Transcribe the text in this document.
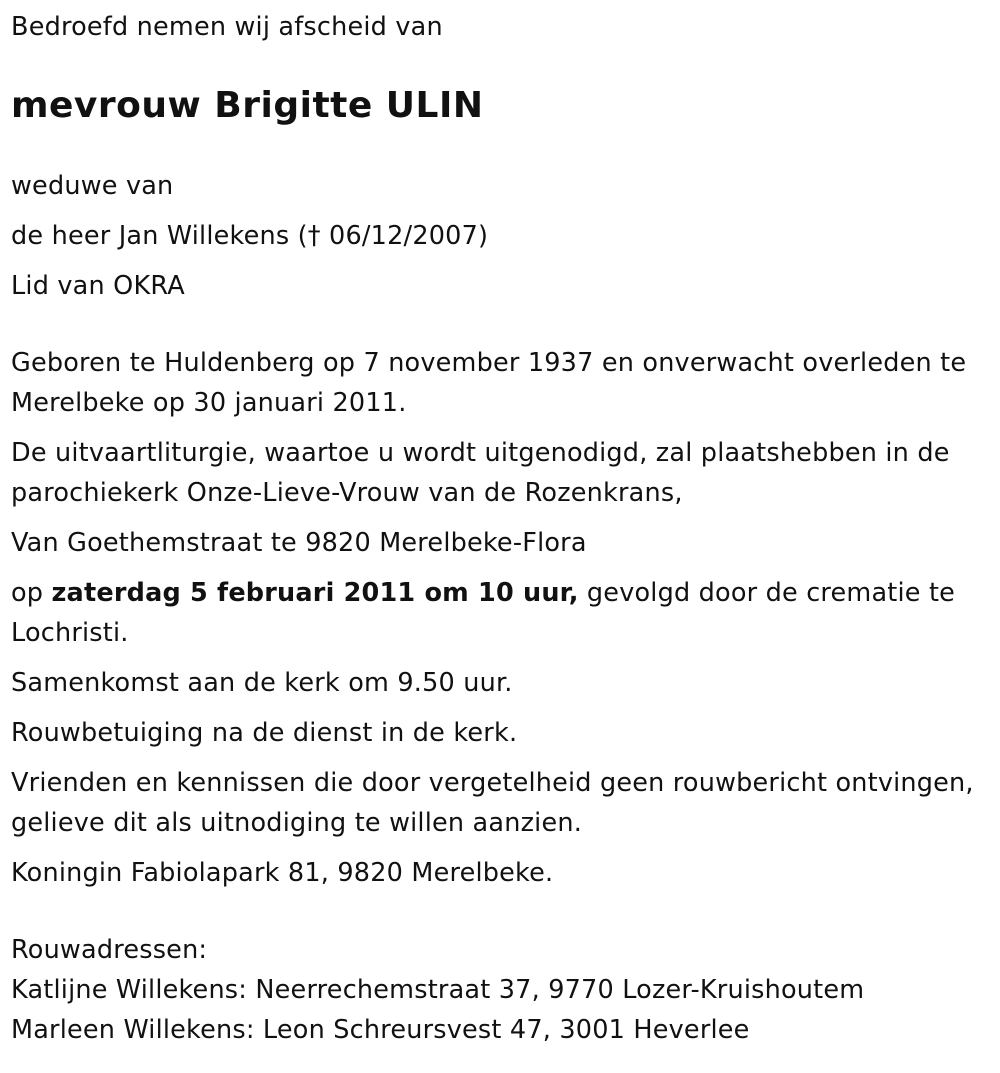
Bedroefd nemen wij afscheid van

mevrouw Brigitte ULIN

weduwe van

de heer Jan Willekens († 06/12/2007)

Lid van OKRA

Geboren te Huldenberg op 7 november 1937 en onverwacht overleden te Merelbeke op 30 januari 2011.

De uitvaartliturgie, waartoe u wordt uitgenodigd, zal plaatshebben in de parochiekerk Onze-Lieve-Vrouw van de Rozenkrans,

Van Goethemstraat te 9820 Merelbeke-Flora

op zaterdag 5 februari 2011 om 10 uur, gevolgd door de crematie te Lochristi.

Samenkomst aan de kerk om 9.50 uur.

Rouwbetuiging na de dienst in de kerk.

Vrienden en kennissen die door vergetelheid geen rouwbericht ontvingen, gelieve dit als uitnodiging te willen aanzien.

Koningin Fabiolapark 81, 9820 Merelbeke.

Rouwadressen:

Katlijne Willekens: Neerrechemstraat 37, 9770 Lozer-Kruishoutem

Marleen Willekens: Leon Schreursvest 47, 3001 Heverlee
